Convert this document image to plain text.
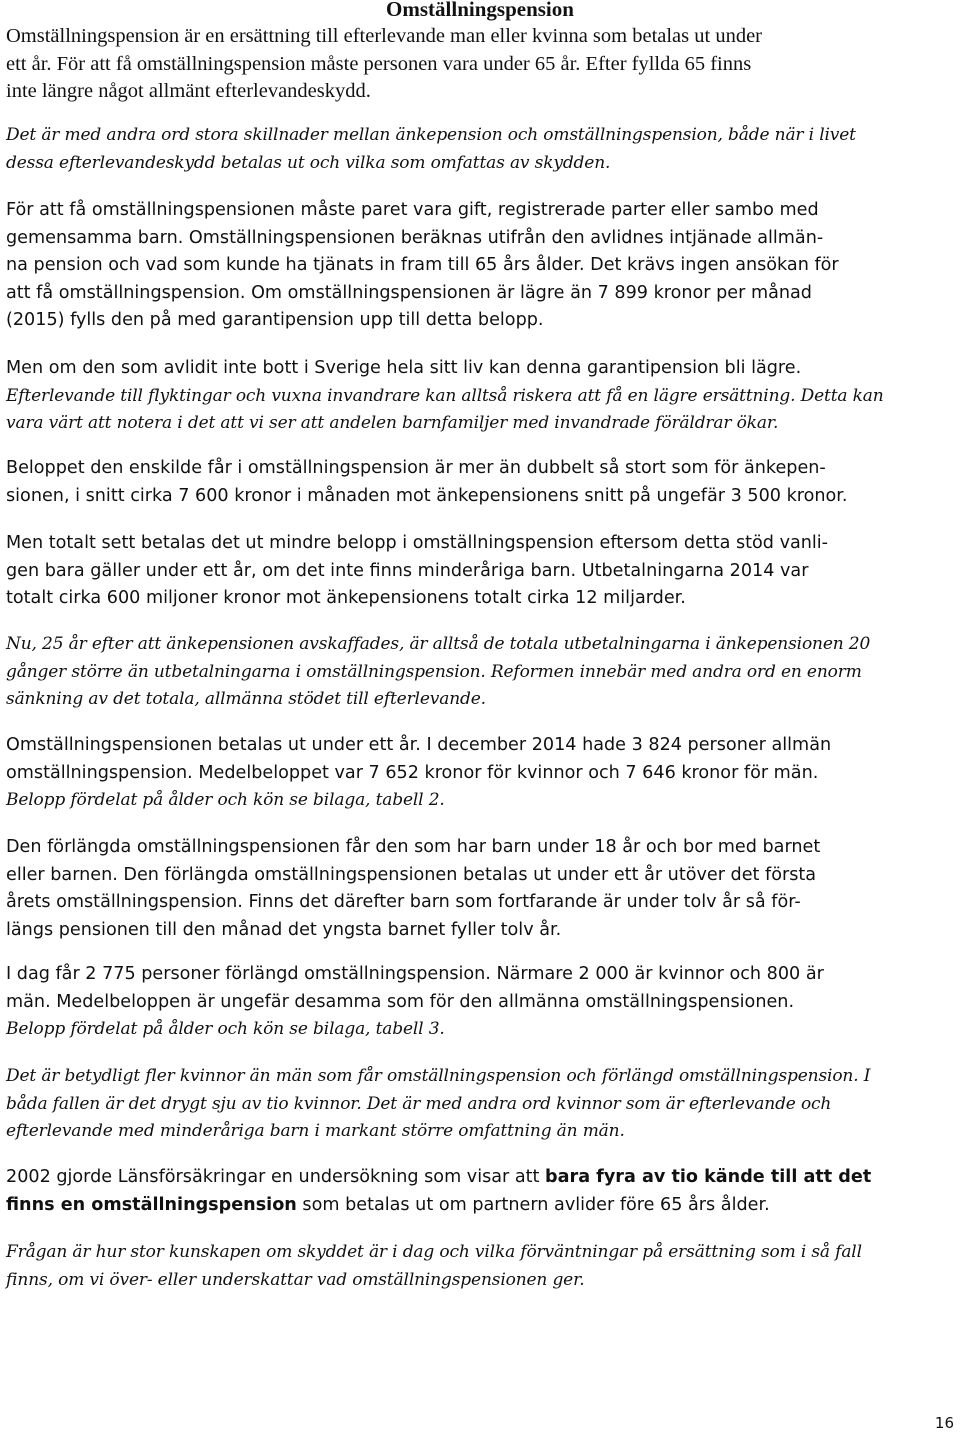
Omställningspension

Omställningspension är en ersättning till efterlevande man eller kvinna som betalas ut under
ett år. För att få omställningspension måste personen vara under 65 år. Efter fyllda 65 finns
inte längre något allmänt efterlevandeskydd.

Det är med andra ord stora skillnader mellan änkepension och omställningspension, både när i livet
dessa efterlevandeskydd betalas ut och vilka som omfattas av skydden.

För att få omställningspensionen måste paret vara gift, registrerade parter eller sambo med
gemensamma barn. Omställningspensionen beräknas utifrån den avlidnes intjänade allmän-
na pension och vad som kunde ha tjänats in fram till 65 års ålder. Det krävs ingen ansökan för
att få omställningspension. Om omställningspensionen är lägre än 7 899 kronor per månad
(2015) fylls den på med garantipension upp till detta belopp.

Men om den som avlidit inte bott i Sverige hela sitt liv kan denna garantipension bli lägre.
Efterlevande till flyktingar och vuxna invandrare kan alltså riskera att få en lägre ersättning. Detta kan
vara värt att notera i det att vi ser att andelen barnfamiljer med invandrade föräldrar ökar.

Beloppet den enskilde får i omställningspension är mer än dubbelt så stort som för änkepen-
sionen, i snitt cirka 7 600 kronor i månaden mot änkepensionens snitt på ungefär 3 500 kronor.

Men totalt sett betalas det ut mindre belopp i omställningspension eftersom detta stöd vanli-
gen bara gäller under ett år, om det inte finns minderåriga barn. Utbetalningarna 2014 var
totalt cirka 600 miljoner kronor mot änkepensionens totalt cirka 12 miljarder.

Nu, 25 år efter att änkepensionen avskaffades, är alltså de totala utbetalningarna i änkepensionen 20
gånger större än utbetalningarna i omställningspension. Reformen innebär med andra ord en enorm
sänkning av det totala, allmänna stödet till efterlevande.

Omställningspensionen betalas ut under ett år. I december 2014 hade 3 824 personer allmän
omställningspension. Medelbeloppet var 7 652 kronor för kvinnor och 7 646 kronor för män.
Belopp fördelat på ålder och kön se bilaga, tabell 2.

Den förlängda omställningspensionen får den som har barn under 18 år och bor med barnet
eller barnen. Den förlängda omställningspensionen betalas ut under ett år utöver det första
årets omställningspension. Finns det därefter barn som fortfarande är under tolv år så för-
längs pensionen till den månad det yngsta barnet fyller tolv år.

I dag får 2 775 personer förlängd omställningspension. Närmare 2 000 är kvinnor och 800 är
män. Medelbeloppen är ungefär desamma som för den allmänna omställningspensionen.
Belopp fördelat på ålder och kön se bilaga, tabell 3.

Det är betydligt fler kvinnor än män som får omställningspension och förlängd omställningspension. I
båda fallen är det drygt sju av tio kvinnor. Det är med andra ord kvinnor som är efterlevande och
efterlevande med minderåriga barn i markant större omfattning än män.

2002 gjorde Länsförsäkringar en undersökning som visar att bara fyra av tio kände till att det
finns en omställningspension som betalas ut om partnern avlider före 65 års ålder.

Frågan är hur stor kunskapen om skyddet är i dag och vilka förväntningar på ersättning som i så fall
finns, om vi över- eller underskattar vad omställningspensionen ger.

16
